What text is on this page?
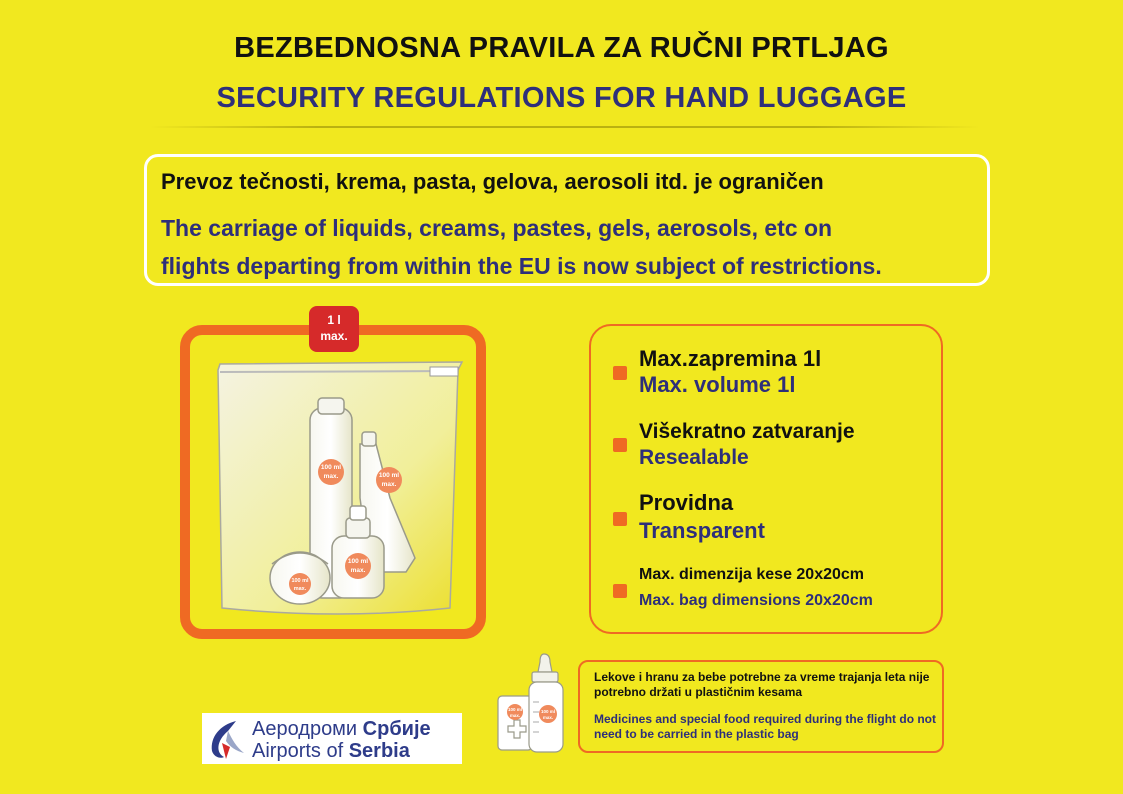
BEZBEDNOSNA PRAVILA ZA RUČNI PRTLJAG
SECURITY REGULATIONS FOR HAND LUGGAGE
Prevoz tečnosti, krema, pasta, gelova, aerosoli itd. je ograničen
The carriage of liquids, creams, pastes, gels, aerosols, etc on
flights departing from within the EU is now subject of restrictions.
100 ml
max.	100 ml
max.
100 ml
max.
100 ml
max.
1 l
max.
Max.zapremina 1l
Max. volume 1l
Višekratno zatvaranje
Resealable
Providna
Transparent
Max. dimenzija kese 20x20cm
Max. bag dimensions 20x20cm
100 ml
max.
100 ml
max.
Lekove i hranu za bebe potrebne za vreme trajanja leta nije potrebno držati u plastičnim kesama
Medicines and special food required during the flight do not need to be carried in the plastic bag
Аеродроми Србије
Airports of Serbia
